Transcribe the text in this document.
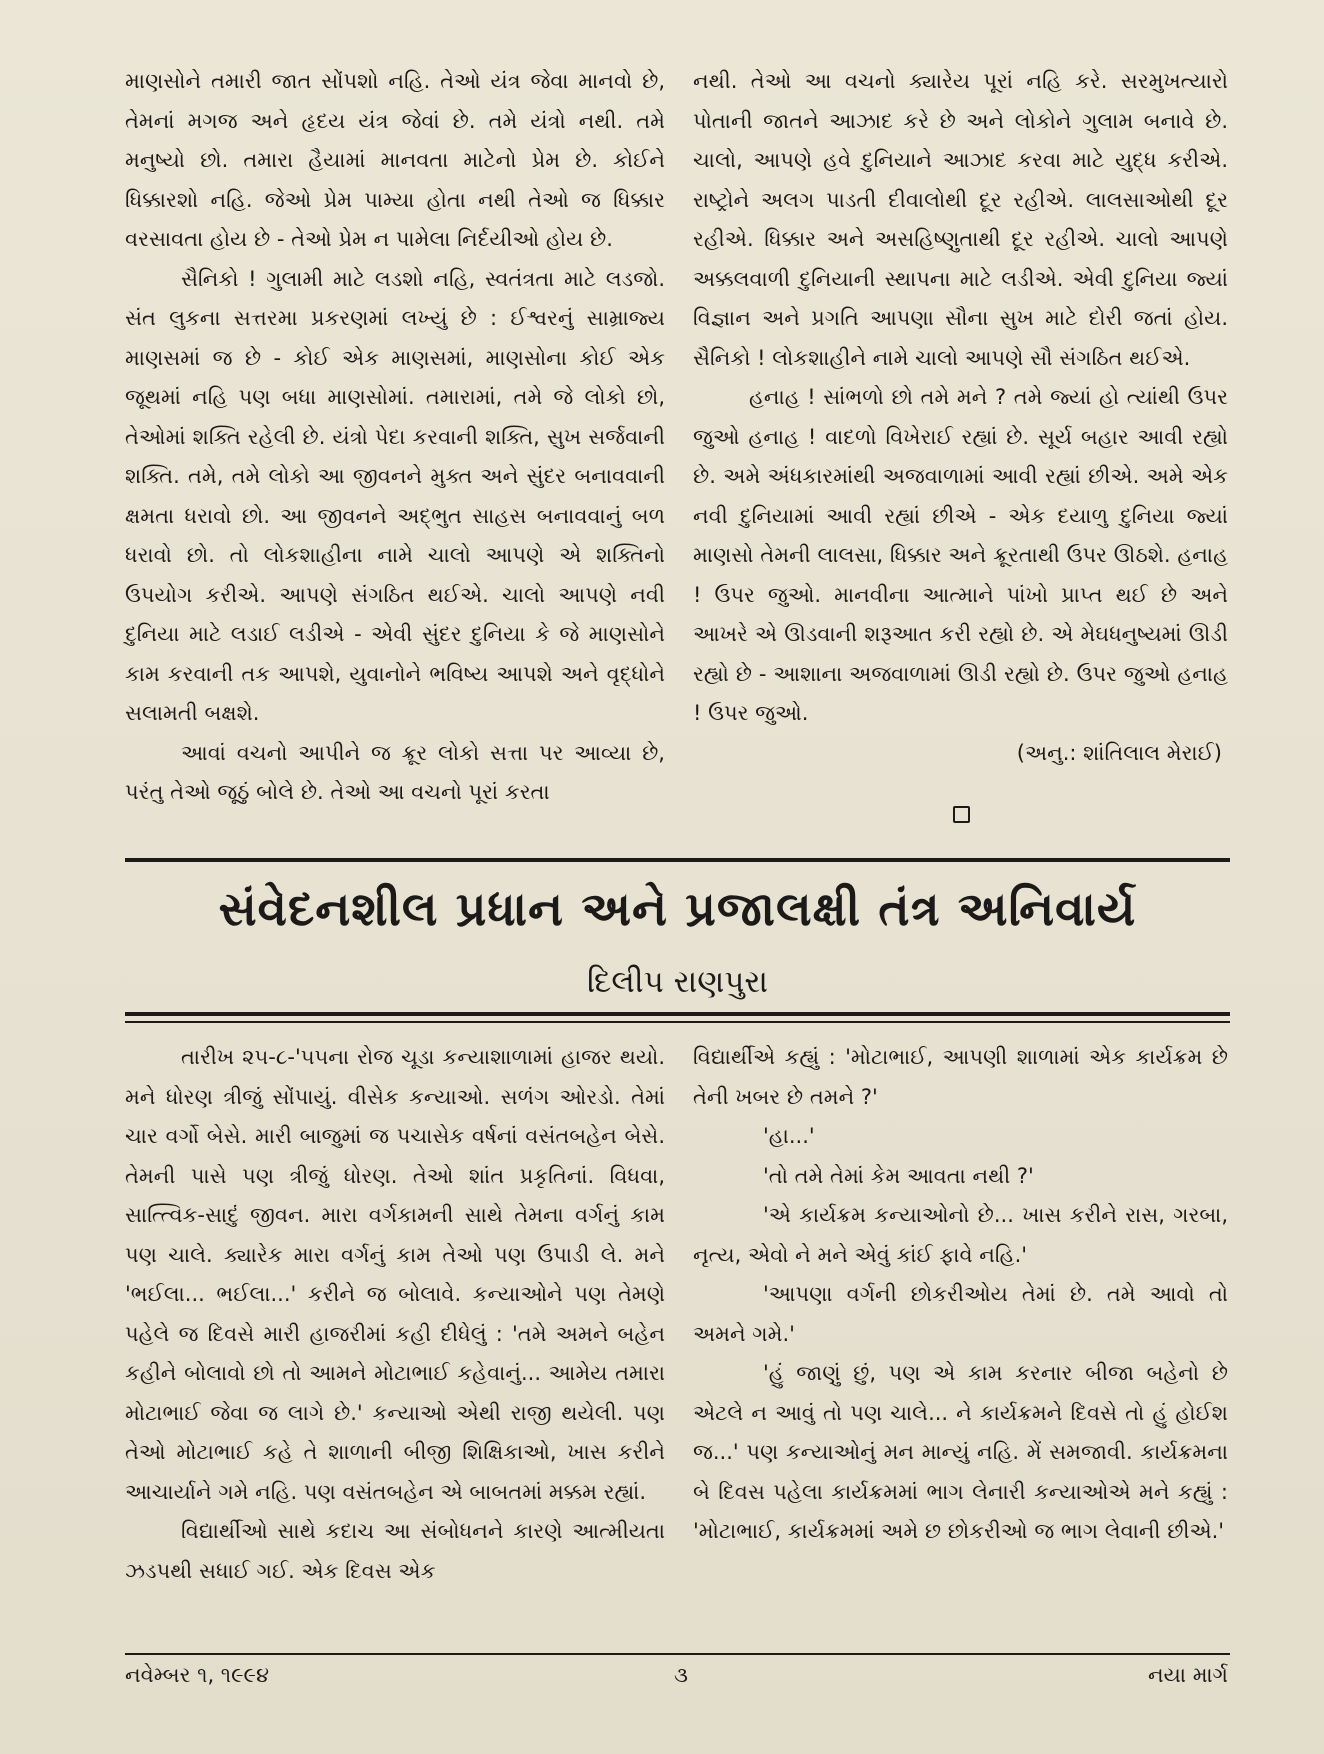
માણસોને તમારી જાત સોંપશો નહિ. તેઓ યંત્ર જેવા માનવો છે, તેમનાં મગજ અને હૃદય યંત્ર જેવાં છે. તમે યંત્રો નથી. તમે મનુષ્યો છો. તમારા હૈયામાં માનવતા માટેનો પ્રેમ છે. કોઈને ધિક્કારશો નહિ. જેઓ પ્રેમ પામ્યા હોતા નથી તેઓ જ ધિક્કાર વરસાવતા હોય છે - તેઓ પ્રેમ ન પામેલા નિર્દયીઓ હોય છે.

સૈનિકો ! ગુલામી માટે લડશો નહિ, સ્વતંત્રતા માટે લડજો. સંત લુકના સત્તરમા પ્રકરણમાં લખ્યું છે : ઈશ્વરનું સામ્રાજ્ય માણસમાં જ છે - કોઈ એક માણસમાં, માણસોના કોઈ એક જૂથમાં નહિ પણ બધા માણસોમાં. તમારામાં, તમે જે લોકો છો, તેઓમાં શક્તિ રહેલી છે. યંત્રો પેદા કરવાની શક્તિ, સુખ સર્જવાની શક્તિ. તમે, તમે લોકો આ જીવનને મુક્ત અને સુંદર બનાવવાની ક્ષમતા ધરાવો છો. આ જીવનને અદ્ભુત સાહસ બનાવવાનું બળ ધરાવો છો. તો લોકશાહીના નામે ચાલો આપણે એ શક્તિનો ઉપયોગ કરીએ. આપણે સંગઠિત થઈએ. ચાલો આપણે નવી દુનિયા માટે લડાઈ લડીએ - એવી સુંદર દુનિયા કે જે માણસોને કામ કરવાની તક આપશે, યુવાનોને ભવિષ્ય આપશે અને વૃદ્ધોને સલામતી બક્ષશે.

આવાં વચનો આપીને જ ક્રૂર લોકો સત્તા પર આવ્યા છે, પરંતુ તેઓ જૂઠું બોલે છે. તેઓ આ વચનો પૂરાં કરતા

નથી. તેઓ આ વચનો ક્યારેય પૂરાં નહિ કરે. સરમુખત્યારો પોતાની જાતને આઝાદ કરે છે અને લોકોને ગુલામ બનાવે છે. ચાલો, આપણે હવે દુનિયાને આઝાદ કરવા માટે યુદ્ધ કરીએ. રાષ્ટ્રોને અલગ પાડતી દીવાલોથી દૂર રહીએ. લાલસાઓથી દૂર રહીએ. ધિક્કાર અને અસહિષ્ણુતાથી દૂર રહીએ. ચાલો આપણે અક્કલવાળી દુનિયાની સ્થાપના માટે લડીએ. એવી દુનિયા જ્યાં વિજ્ઞાન અને પ્રગતિ આપણા સૌના સુખ માટે દોરી જતાં હોય. સૈનિકો ! લોકશાહીને નામે ચાલો આપણે સૌ સંગઠિત થઈએ.

હનાહ ! સાંભળો છો તમે મને ? તમે જ્યાં હો ત્યાંથી ઉપર જુઓ હનાહ ! વાદળો વિખેરાઈ રહ્યાં છે. સૂર્ય બહાર આવી રહ્યો છે. અમે અંધકારમાંથી અજવાળામાં આવી રહ્યાં છીએ. અમે એક નવી દુનિયામાં આવી રહ્યાં છીએ - એક દયાળુ દુનિયા જ્યાં માણસો તેમની લાલસા, ધિક્કાર અને ક્રૂરતાથી ઉપર ઊઠશે. હનાહ ! ઉપર જુઓ. માનવીના આત્માને પાંખો પ્રાપ્ત થઈ છે અને આખરે એ ઊડવાની શરૂઆત કરી રહ્યો છે. એ મેઘધનુષ્યમાં ઊડી રહ્યો છે - આશાના અજવાળામાં ઊડી રહ્યો છે. ઉપર જુઓ હનાહ ! ઉપર જુઓ.

(અનુ.: શાંતિલાલ મેરાઈ)

સંવેદનશીલ પ્રધાન અને પ્રજાલક્ષી તંત્ર અનિવાર્ય
દિલીપ રાણપુરા

તારીખ ૨૫-૮-'૫૫ના રોજ ચૂડા કન્યાશાળામાં હાજર થયો. મને ધોરણ ત્રીજું સોંપાયું. વીસેક કન્યાઓ. સળંગ ઓરડો. તેમાં ચાર વર્ગો બેસે. મારી બાજુમાં જ પચાસેક વર્ષનાં વસંતબહેન બેસે. તેમની પાસે પણ ત્રીજું ધોરણ. તેઓ શાંત પ્રકૃતિનાં. વિધવા, સાત્ત્વિક-સાદું જીવન. મારા વર્ગકામની સાથે તેમના વર્ગનું કામ પણ ચાલે. ક્યારેક મારા વર્ગનું કામ તેઓ પણ ઉપાડી લે. મને 'ભઈલા... ભઈલા...' કરીને જ બોલાવે. કન્યાઓને પણ તેમણે પહેલે જ દિવસે મારી હાજરીમાં કહી દીધેલું : 'તમે અમને બહેન કહીને બોલાવો છો તો આમને મોટાભાઈ કહેવાનું... આમેય તમારા મોટાભાઈ જેવા જ લાગે છે.' કન્યાઓ એથી રાજી થયેલી. પણ તેઓ મોટાભાઈ કહે તે શાળાની બીજી શિક્ષિકાઓ, ખાસ કરીને આચાર્યાને ગમે નહિ. પણ વસંતબહેન એ બાબતમાં મક્કમ રહ્યાં.

વિદ્યાર્થીઓ સાથે કદાચ આ સંબોધનને કારણે આત્મીયતા ઝડપથી સધાઈ ગઈ. એક દિવસ એક

વિદ્યાર્થીએ કહ્યું : 'મોટાભાઈ, આપણી શાળામાં એક કાર્યક્રમ છે તેની ખબર છે તમને ?'

'હા...'

'તો તમે તેમાં કેમ આવતા નથી ?'

'એ કાર્યક્રમ કન્યાઓનો છે... ખાસ કરીને રાસ, ગરબા, નૃત્ય, એવો ને મને એવું કાંઈ ફાવે નહિ.'

'આપણા વર્ગની છોકરીઓય તેમાં છે. તમે આવો તો અમને ગમે.'

'હું જાણું છું, પણ એ કામ કરનાર બીજા બહેનો છે એટલે ન આવું તો પણ ચાલે... ને કાર્યક્રમને દિવસે તો હું હોઈશ જ...' પણ કન્યાઓનું મન માન્યું નહિ. મેં સમજાવી. કાર્યક્રમના બે દિવસ પહેલા કાર્યક્રમમાં ભાગ લેનારી કન્યાઓએ મને કહ્યું : 'મોટાભાઈ, કાર્યક્રમમાં અમે છ છોકરીઓ જ ભાગ લેવાની છીએ.'

નવેમ્બર ૧, ૧૯૯૪	૩	નયા માર્ગ
